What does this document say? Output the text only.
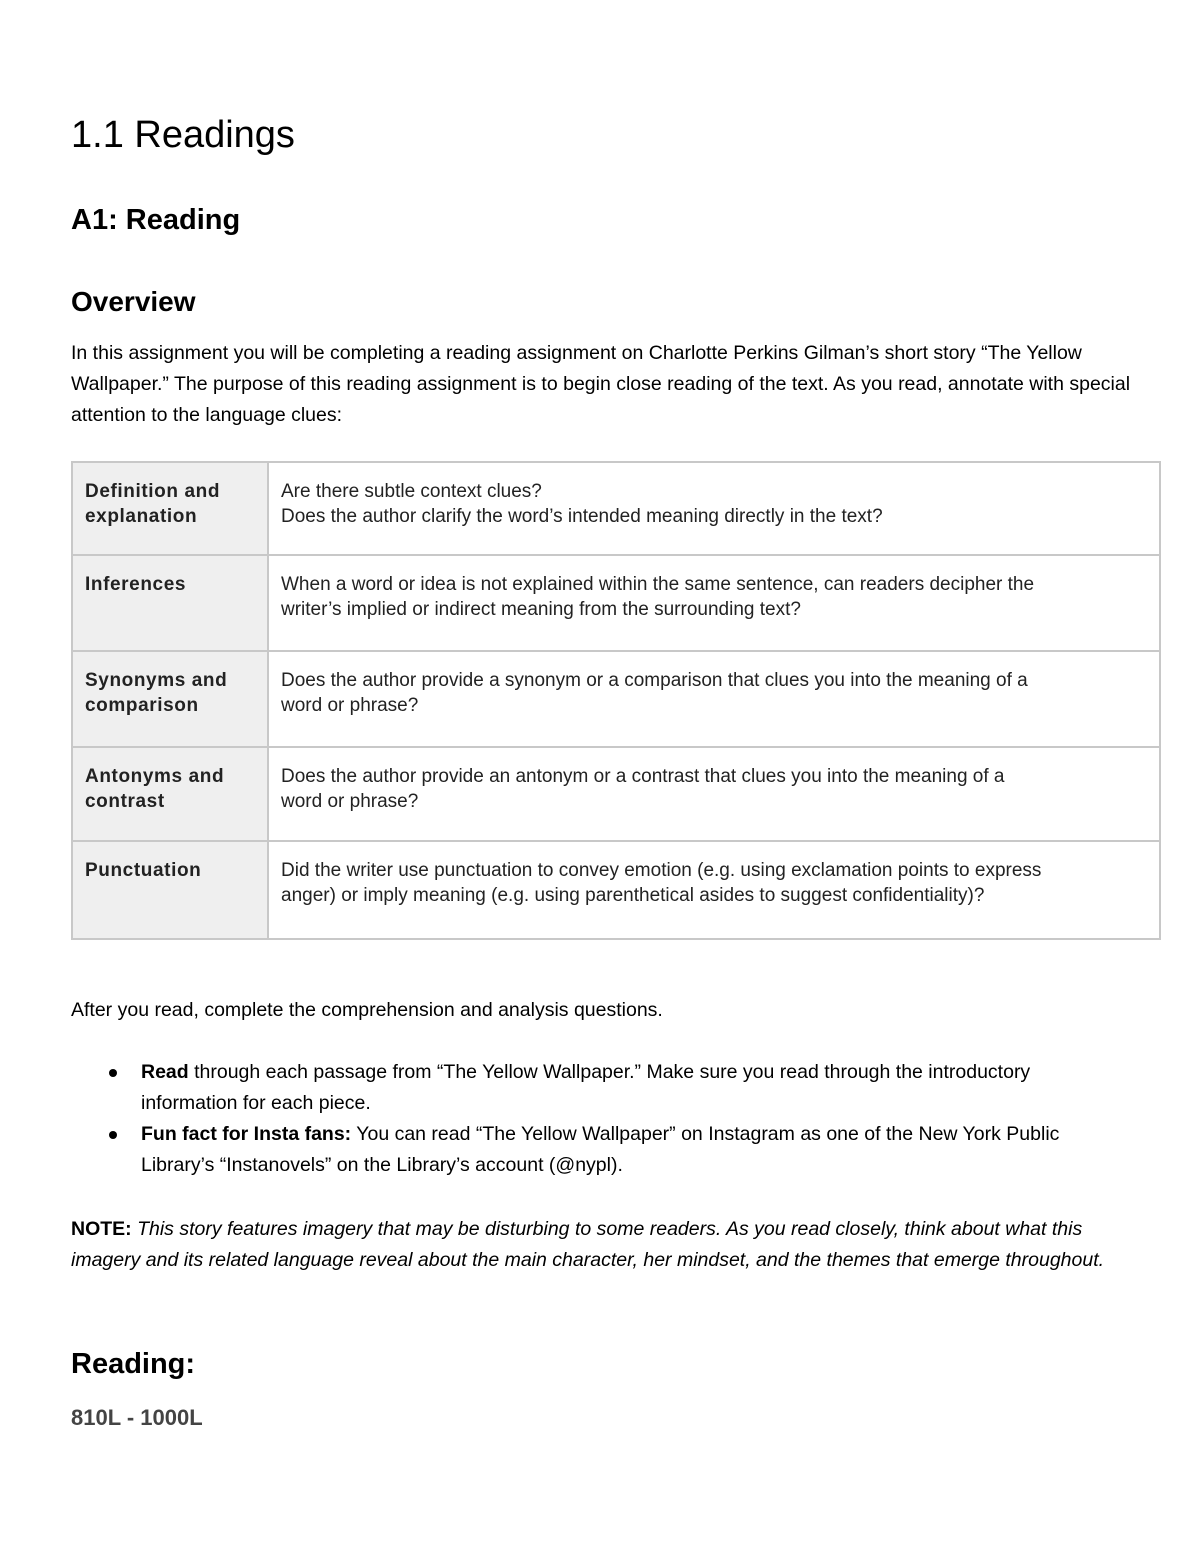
1.1 Readings
A1: Reading
Overview

In this assignment you will be completing a reading assignment on Charlotte Perkins Gilman’s short story “The Yellow Wallpaper.” The purpose of this reading assignment is to begin close reading of the text. As you read, annotate with special attention to the language clues:

Definition and
explanation	Are there subtle context clues?
Does the author clarify the word’s intended meaning directly in the text?
Inferences	When a word or idea is not explained within the same sentence, can readers decipher the
writer’s implied or indirect meaning from the surrounding text?
Synonyms and
comparison	Does the author provide a synonym or a comparison that clues you into the meaning of a
word or phrase?
Antonyms and
contrast	Does the author provide an antonym or a contrast that clues you into the meaning of a
word or phrase?
Punctuation	Did the writer use punctuation to convey emotion (e.g. using exclamation points to express
anger) or imply meaning (e.g. using parenthetical asides to suggest confidentiality)?

After you read, complete the comprehension and analysis questions.

Read through each passage from “The Yellow Wallpaper.” Make sure you read through the introductory information for each piece.
Fun fact for Insta fans: You can read “The Yellow Wallpaper” on Instagram as one of the New York Public Library’s “Instanovels” on the Library’s account (@nypl).

NOTE: This story features imagery that may be disturbing to some readers. As you read closely, think about what this imagery and its related language reveal about the main character, her mindset, and the themes that emerge throughout.

Reading:

810L - 1000L
